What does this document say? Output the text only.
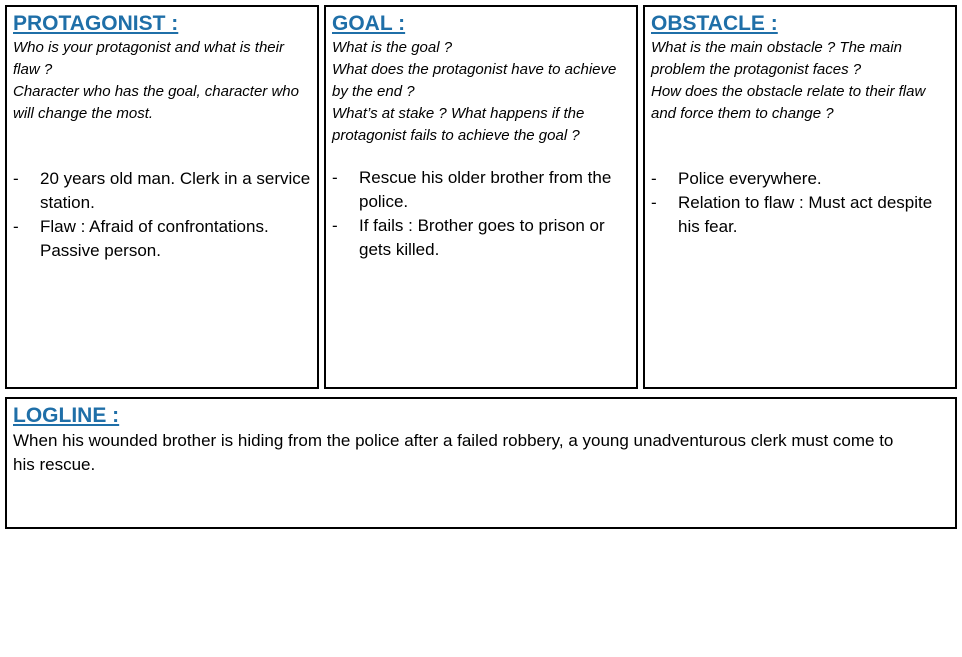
PROTAGONIST :

Who is your protagonist and what is their flaw ?
Character who has the goal, character who will change the most.
- 20 years old man. Clerk in a service station.
- Flaw : Afraid of confrontations. Passive person.

GOAL :

What is the goal ?
What does the protagonist have to achieve by the end ?
What’s at stake ? What happens if the protagonist fails to achieve the goal ?
- Rescue his older brother from the police.
- If fails : Brother goes to prison or gets killed.

OBSTACLE :

What is the main obstacle ? The main problem the protagonist faces ?
How does the obstacle relate to their flaw and force them to change ?
- Police everywhere.
- Relation to flaw : Must act despite his fear.

LOGLINE :

When his wounded brother is hiding from the police after a failed robbery, a young unadventurous clerk must come to his rescue.
